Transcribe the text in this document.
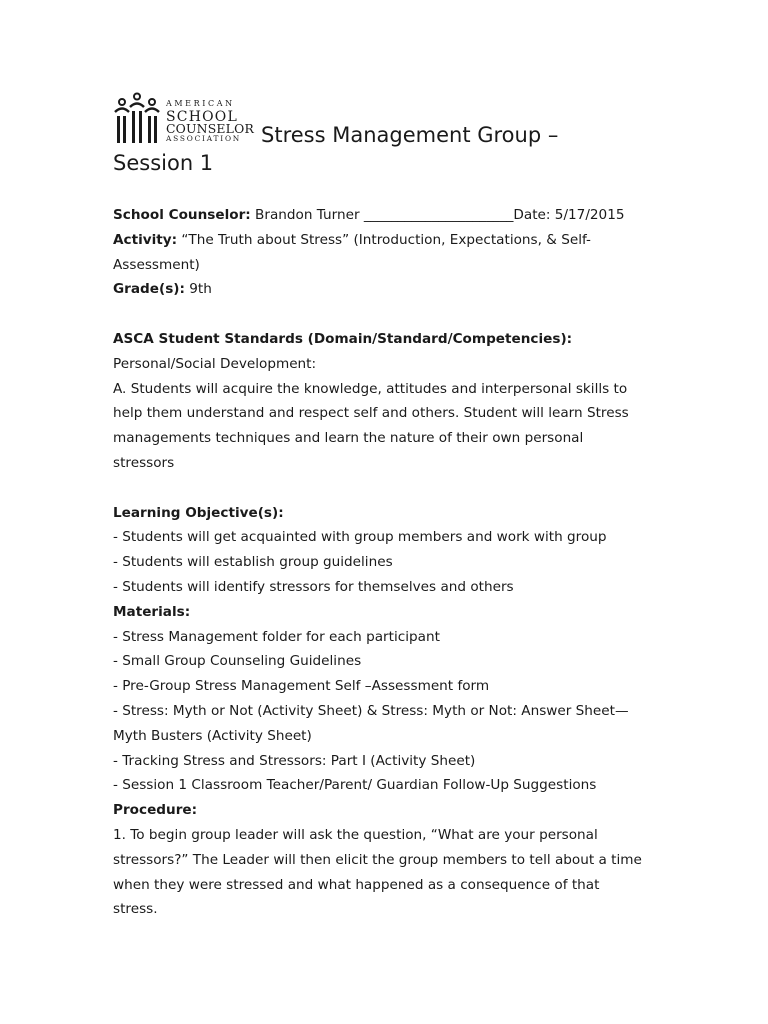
AMERICAN
SCHOOL
COUNSELOR
ASSOCIATION Stress Management Group –
Session 1

School Counselor: Brandon Turner ______________________Date: 5/17/2015

Activity: “The Truth about Stress” (Introduction, Expectations, & Self-

Assessment)

Grade(s): 9th

ASCA Student Standards (Domain/Standard/Competencies):

Personal/Social Development:

A. Students will acquire the knowledge, attitudes and interpersonal skills to

help them understand and respect self and others. Student will learn Stress

managements techniques and learn the nature of their own personal

stressors

Learning Objective(s):

- Students will get acquainted with group members and work with group

- Students will establish group guidelines

- Students will identify stressors for themselves and others

Materials:

- Stress Management folder for each participant

- Small Group Counseling Guidelines

- Pre-Group Stress Management Self –Assessment form

- Stress: Myth or Not (Activity Sheet) & Stress: Myth or Not: Answer Sheet—

Myth Busters (Activity Sheet)

- Tracking Stress and Stressors: Part I (Activity Sheet)

- Session 1 Classroom Teacher/Parent/ Guardian Follow-Up Suggestions

Procedure:

1. To begin group leader will ask the question, “What are your personal

stressors?” The Leader will then elicit the group members to tell about a time

when they were stressed and what happened as a consequence of that

stress.
